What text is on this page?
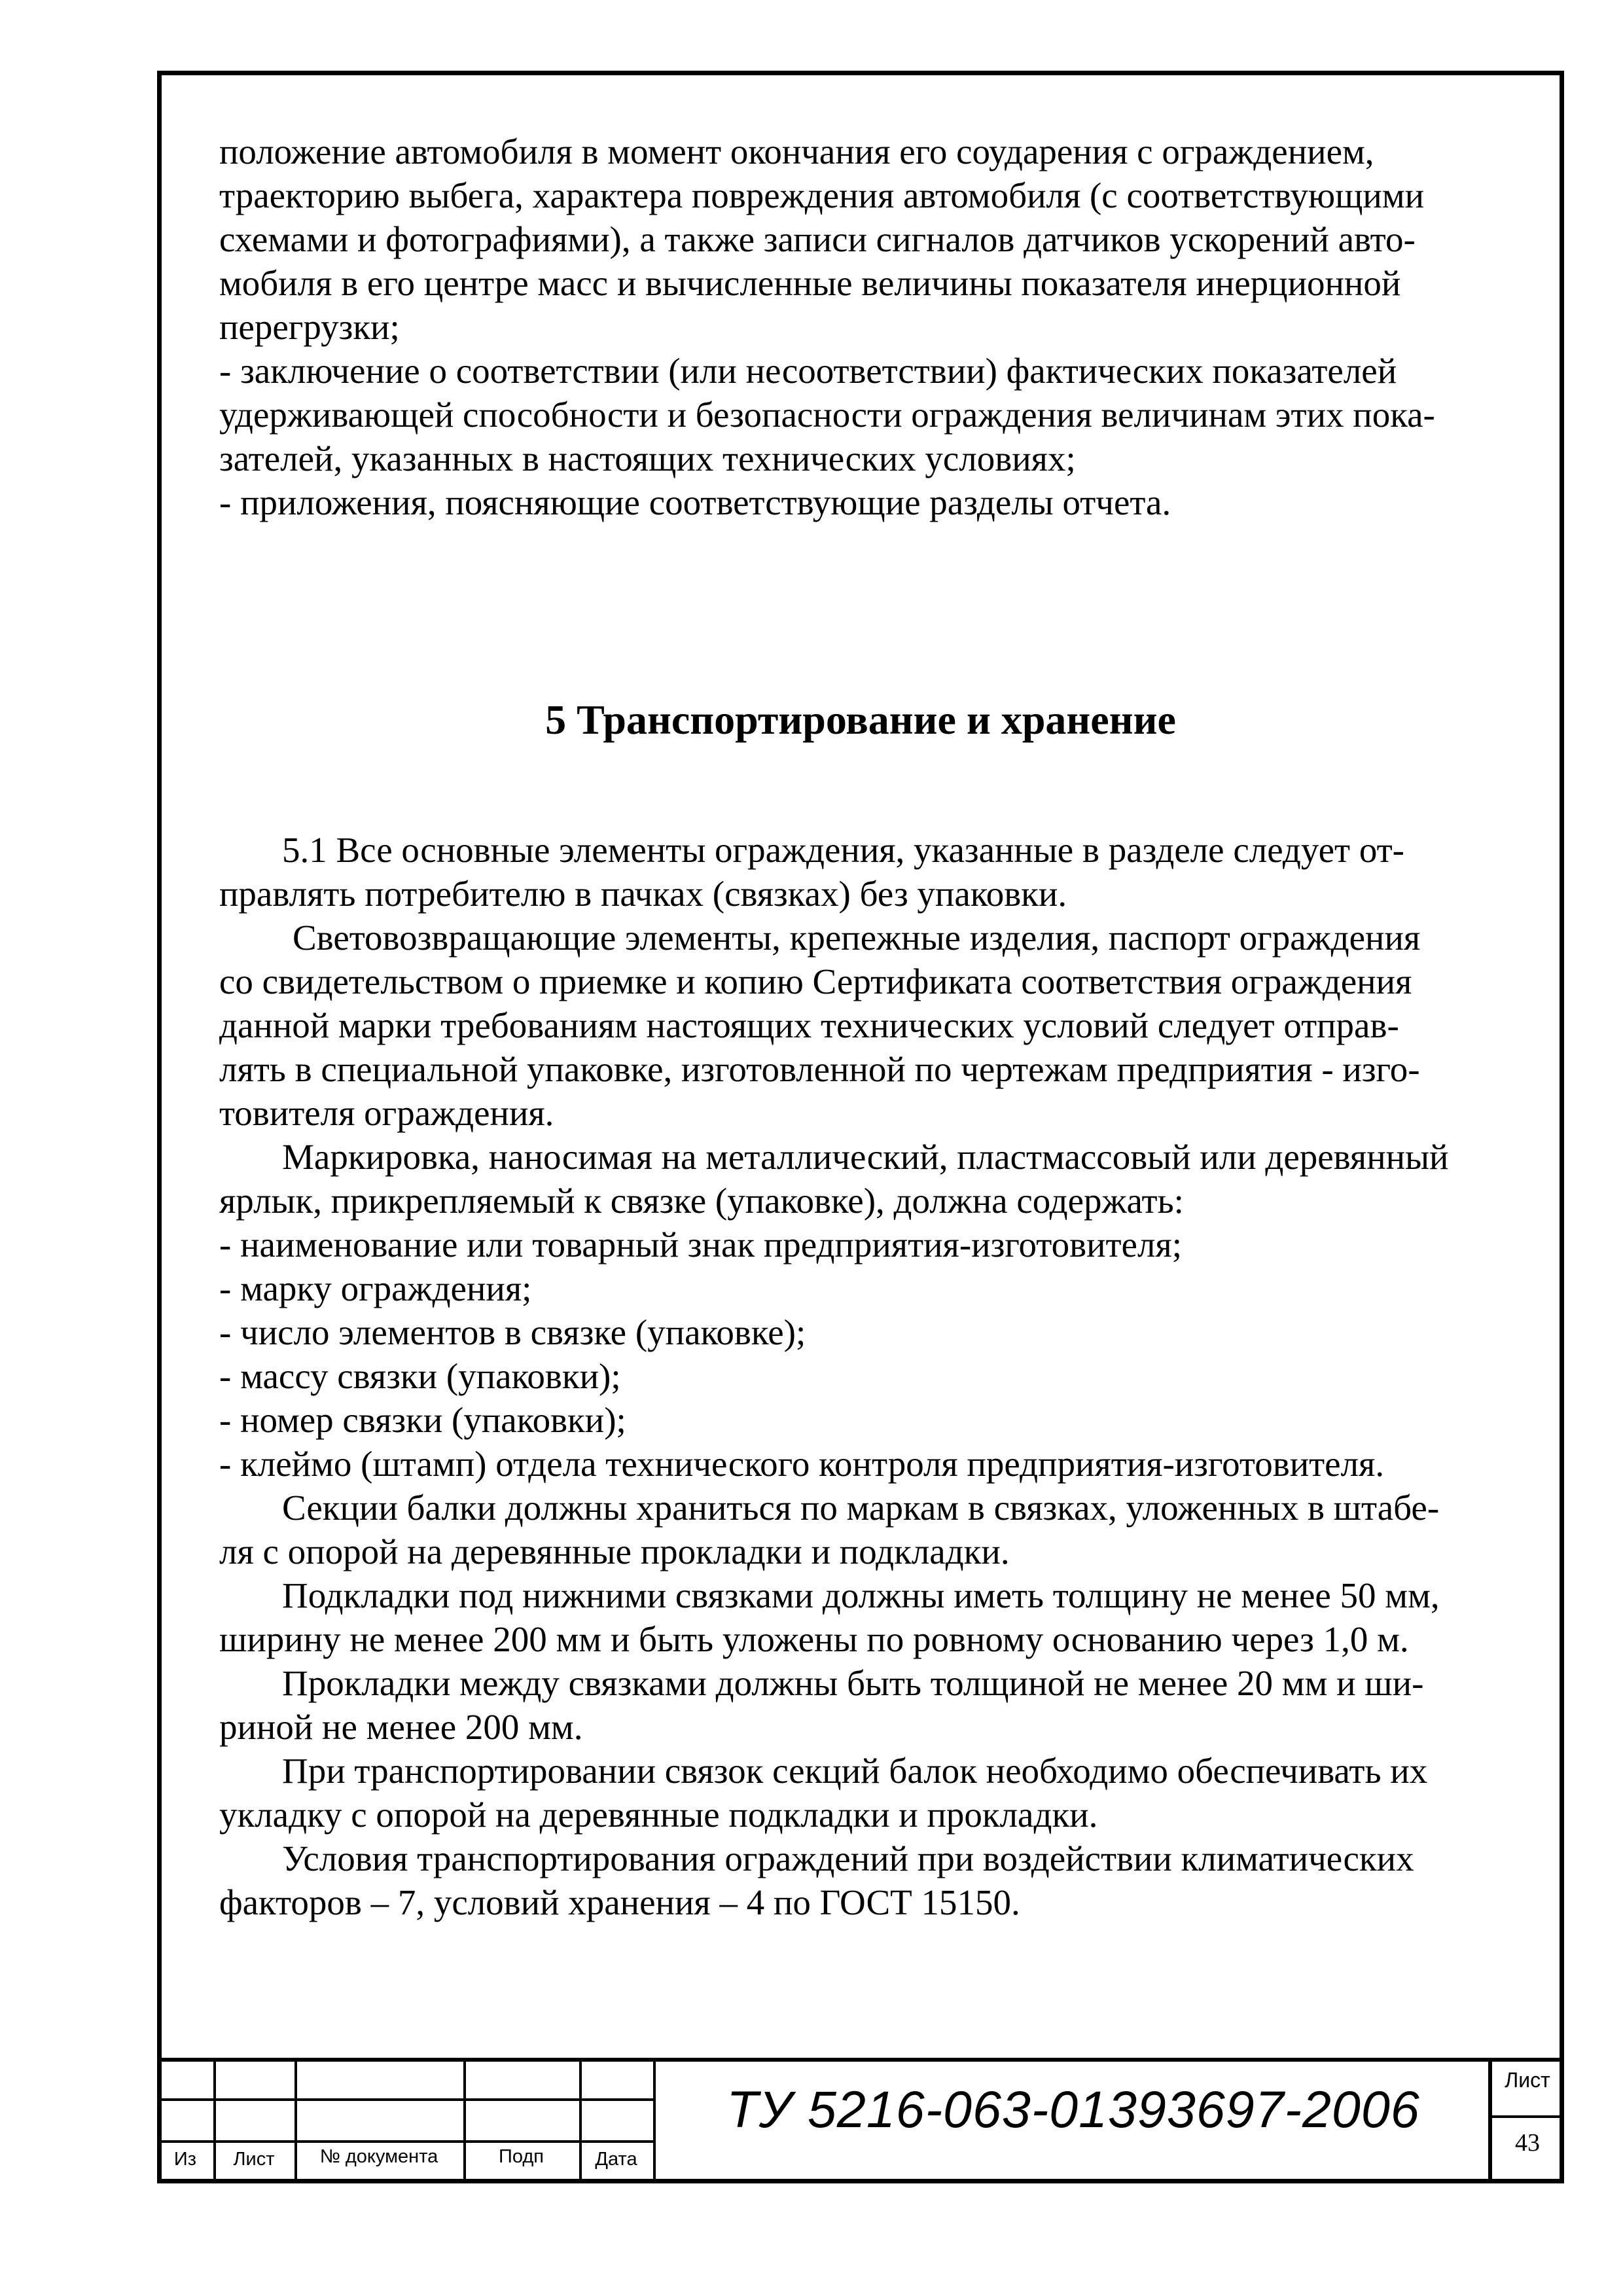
положение автомобиля в момент окончания его соударения с ограждением,

траекторию выбега, характера повреждения автомобиля (с соответствующими

схемами и фотографиями), а также записи сигналов датчиков ускорений авто-

мобиля в его центре масс и вычисленные величины показателя инерционной

перегрузки;

- заключение о соответствии (или несоответствии) фактических показателей

удерживающей способности и безопасности ограждения величинам этих пока-

зателей, указанных в настоящих технических условиях;

- приложения, поясняющие соответствующие разделы отчета.

5 Транспортирование и хранение

5.1 Все основные элементы ограждения, указанные в разделе следует от-

правлять потребителю в пачках (связках) без упаковки.

Световозвращающие элементы, крепежные изделия, паспорт ограждения

со свидетельством о приемке и копию Сертификата соответствия ограждения

данной марки требованиям настоящих технических условий следует отправ-

лять в специальной упаковке, изготовленной по чертежам предприятия - изго-

товителя ограждения.

Маркировка, наносимая на металлический, пластмассовый или деревянный

ярлык, прикрепляемый к связке (упаковке), должна содержать:

- наименование или товарный знак предприятия-изготовителя;

- марку ограждения;

- число элементов в связке (упаковке);

- массу связки (упаковки);

- номер связки (упаковки);

- клеймо (штамп) отдела технического контроля предприятия-изготовителя.

Секции балки должны храниться по маркам в связках, уложенных в штабе-

ля с опорой на деревянные прокладки и подкладки.

Подкладки под нижними связками должны иметь толщину не менее 50 мм,

ширину не менее 200 мм и быть уложены по ровному основанию через 1,0 м.

Прокладки между связками должны быть толщиной не менее 20 мм и ши-

риной не менее 200 мм.

При транспортировании связок секций балок необходимо обеспечивать их

укладку с опорой на деревянные подкладки и прокладки.

Условия транспортирования ограждений при воздействии климатических

факторов – 7, условий хранения – 4 по ГОСТ 15150.

Из	Лист	№ документа	Подп	Дата
ТУ 5216-063-01393697-2006	Лист
43
